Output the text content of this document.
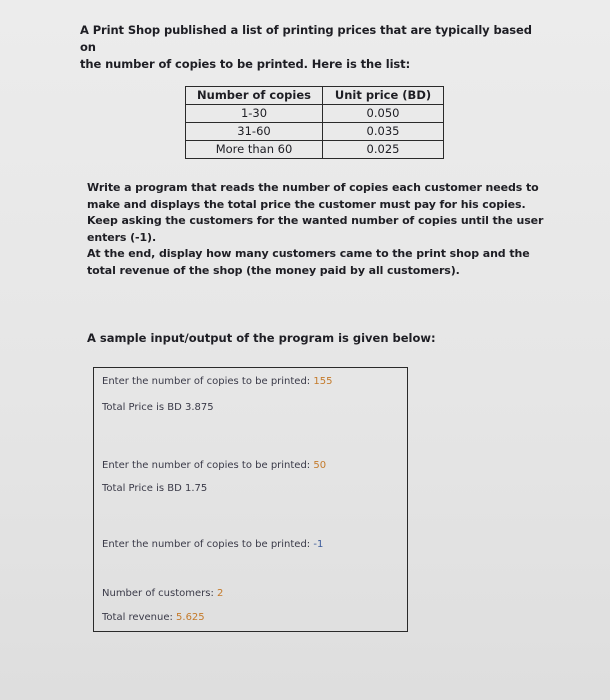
A Print Shop published a list of printing prices that are typically based on
the number of copies to be printed. Here is the list:
Number of copies	Unit price (BD)
1-30	0.050
31-60	0.035
More than 60	0.025
Write a program that reads the number of copies each customer needs to
make and displays the total price the customer must pay for his copies.
Keep asking the customers for the wanted number of copies until the user
enters (-1).
At the end, display how many customers came to the print shop and the
total revenue of the shop (the money paid by all customers).
A sample input/output of the program is given below:
Enter the number of copies to be printed: 155
Total Price is BD 3.875
Enter the number of copies to be printed: 50
Total Price is BD 1.75
Enter the number of copies to be printed: -1
Number of customers: 2
Total revenue: 5.625
